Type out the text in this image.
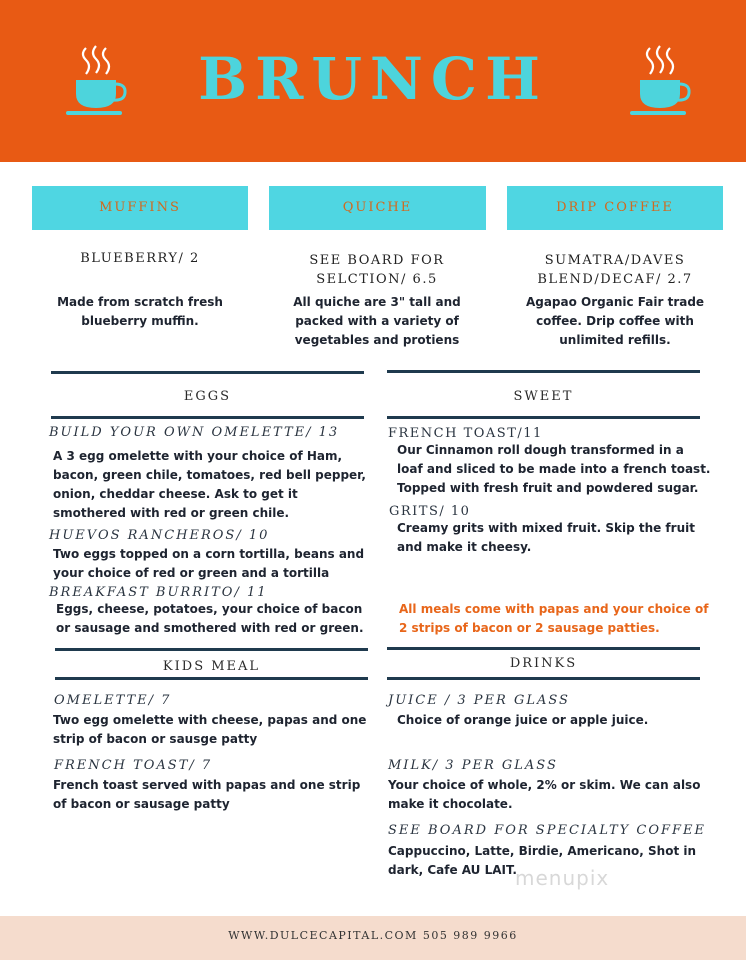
BRUNCH
MUFFINS	QUICHE	DRIP COFFEE
BLUEBERRY/ 2	SEE BOARD FOR
SELCTION/ 6.5
SUMATRA/DAVES
BLEND/DECAF/ 2.7
Made from scratch fresh
blueberry muffin.
All quiche are 3" tall and
packed with a variety of
vegetables and protiens
Agapao Organic Fair trade
coffee. Drip coffee with
unlimited refills.
EGGS	SWEET
BUILD YOUR OWN OMELETTE/ 13
A 3 egg omelette with your choice of Ham,
bacon, green chile, tomatoes, red bell pepper,
onion, cheddar cheese. Ask to get it
smothered with red or green chile.
HUEVOS RANCHEROS/ 10
Two eggs topped on a corn tortilla, beans and
your choice of red or green and a tortilla
BREAKFAST BURRITO/ 11
Eggs, cheese, potatoes, your choice of bacon
or sausage and smothered with red or green.
FRENCH TOAST/11
Our Cinnamon roll dough transformed in a
loaf and sliced to be made into a french toast.
Topped with fresh fruit and powdered sugar.
GRITS/ 10
Creamy grits with mixed fruit. Skip the fruit
and make it cheesy.
All meals come with papas and your choice of
2 strips of bacon or 2 sausage patties.
KIDS MEAL	DRINKS
OMELETTE/ 7
Two egg omelette with cheese, papas and one
strip of bacon or sausge patty
FRENCH TOAST/ 7
French toast served with papas and one strip
of bacon or sausage patty
JUICE / 3 PER GLASS
Choice of orange juice or apple juice.
MILK/ 3 PER GLASS
Your choice of whole, 2% or skim. We can also
make it chocolate.
SEE BOARD FOR SPECIALTY COFFEE
Cappuccino, Latte, Birdie, Americano, Shot in
dark, Cafe AU LAIT.
menupix
WWW.DULCECAPITAL.COM 505 989 9966
